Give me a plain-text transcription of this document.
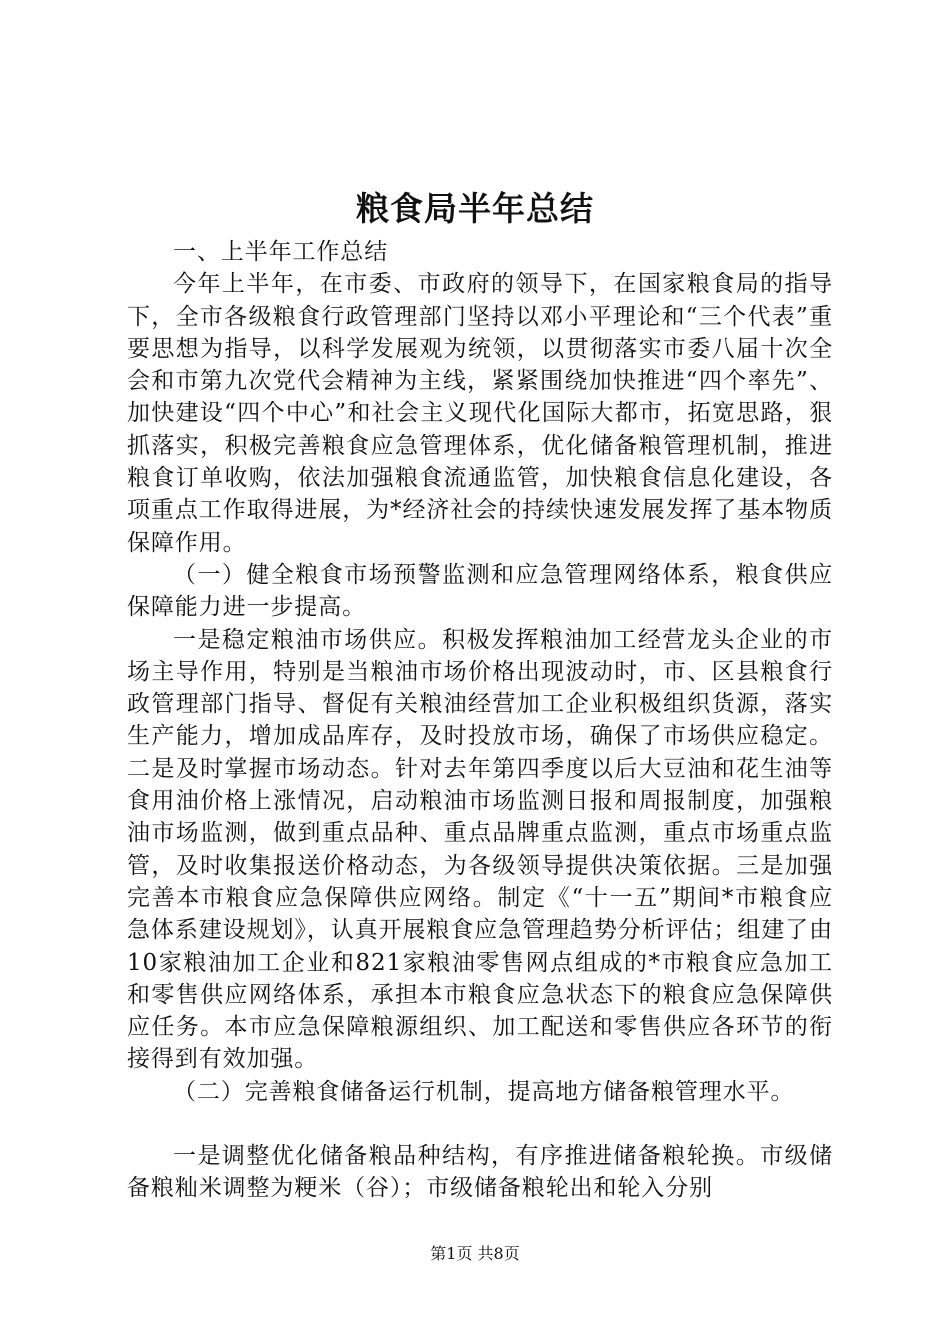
粮食局半年总结

一、上半年工作总结

今年上半年，在市委、市政府的领导下，在国家粮食局的指导下，全市各级粮食行政管理部门坚持以邓小平理论和“三个代表”重要思想为指导，以科学发展观为统领，以贯彻落实市委八届十次全会和市第九次党代会精神为主线，紧紧围绕加快推进“四个率先”、加快建设“四个中心”和社会主义现代化国际大都市，拓宽思路，狠抓落实，积极完善粮食应急管理体系，优化储备粮管理机制，推进粮食订单收购，依法加强粮食流通监管，加快粮食信息化建设，各项重点工作取得进展，为*经济社会的持续快速发展发挥了基本物质保障作用。

（一）健全粮食市场预警监测和应急管理网络体系，粮食供应保障能力进一步提高。

一是稳定粮油市场供应。积极发挥粮油加工经营龙头企业的市场主导作用，特别是当粮油市场价格出现波动时，市、区县粮食行政管理部门指导、督促有关粮油经营加工企业积极组织货源，落实生产能力，增加成品库存，及时投放市场，确保了市场供应稳定。二是及时掌握市场动态。针对去年第四季度以后大豆油和花生油等食用油价格上涨情况，启动粮油市场监测日报和周报制度，加强粮油市场监测，做到重点品种、重点品牌重点监测，重点市场重点监管，及时收集报送价格动态，为各级领导提供决策依据。三是加强完善本市粮食应急保障供应网络。制定《“十一五”期间*市粮食应急体系建设规划》，认真开展粮食应急管理趋势分析评估；组建了由10家粮油加工企业和821家粮油零售网点组成的*市粮食应急加工和零售供应网络体系，承担本市粮食应急状态下的粮食应急保障供应任务。本市应急保障粮源组织、加工配送和零售供应各环节的衔接得到有效加强。

（二）完善粮食储备运行机制，提高地方储备粮管理水平。

一是调整优化储备粮品种结构，有序推进储备粮轮换。市级储备粮籼米调整为粳米（谷）；市级储备粮轮出和轮入分别

第1页 共8页
